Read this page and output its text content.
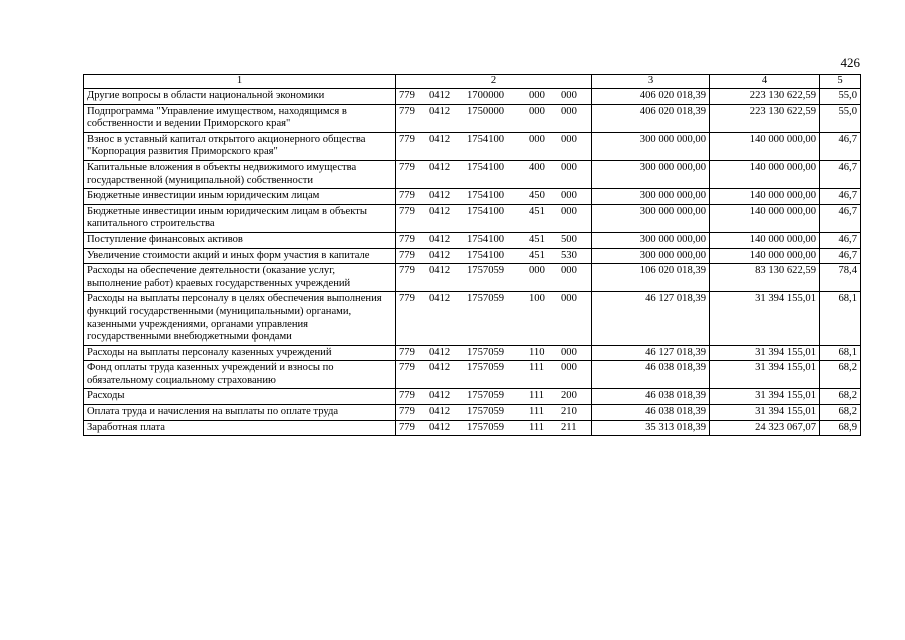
426
1	2	3	4	5
Другие вопросы в области национальной экономики	779 0412 1700000 000 000	406 020 018,39	223 130 622,59	55,0
Подпрограмма "Управление имуществом, находящимся в собственности и ведении Приморского края"	779 0412 1750000 000 000	406 020 018,39	223 130 622,59	55,0
Взнос в уставный капитал открытого акционерного общества "Корпорация развития Приморского края"	779 0412 1754100 000 000	300 000 000,00	140 000 000,00	46,7
Капитальные вложения в объекты недвижимого имущества государственной (муниципальной) собственности	779 0412 1754100 400 000	300 000 000,00	140 000 000,00	46,7
Бюджетные инвестиции иным юридическим лицам	779 0412 1754100 450 000	300 000 000,00	140 000 000,00	46,7
Бюджетные инвестиции иным юридическим лицам в объекты капитального строительства	779 0412 1754100 451 000	300 000 000,00	140 000 000,00	46,7
Поступление финансовых активов	779 0412 1754100 451 500	300 000 000,00	140 000 000,00	46,7
Увеличение стоимости акций и иных форм участия в капитале	779 0412 1754100 451 530	300 000 000,00	140 000 000,00	46,7
Расходы на обеспечение деятельности (оказание услуг, выполнение работ) краевых государственных учреждений	779 0412 1757059 000 000	106 020 018,39	83 130 622,59	78,4
Расходы на выплаты персоналу в целях обеспечения выполнения функций государственными (муниципальными) органами, казенными учреждениями, органами управления государственными внебюджетными фондами	779 0412 1757059 100 000	46 127 018,39	31 394 155,01	68,1
Расходы на выплаты персоналу казенных учреждений	779 0412 1757059 110 000	46 127 018,39	31 394 155,01	68,1
Фонд оплаты труда казенных учреждений и взносы по обязательному социальному страхованию	779 0412 1757059 111 000	46 038 018,39	31 394 155,01	68,2
Расходы	779 0412 1757059 111 200	46 038 018,39	31 394 155,01	68,2
Оплата труда и начисления на выплаты по оплате труда	779 0412 1757059 111 210	46 038 018,39	31 394 155,01	68,2
Заработная плата	779 0412 1757059 111 211	35 313 018,39	24 323 067,07	68,9
